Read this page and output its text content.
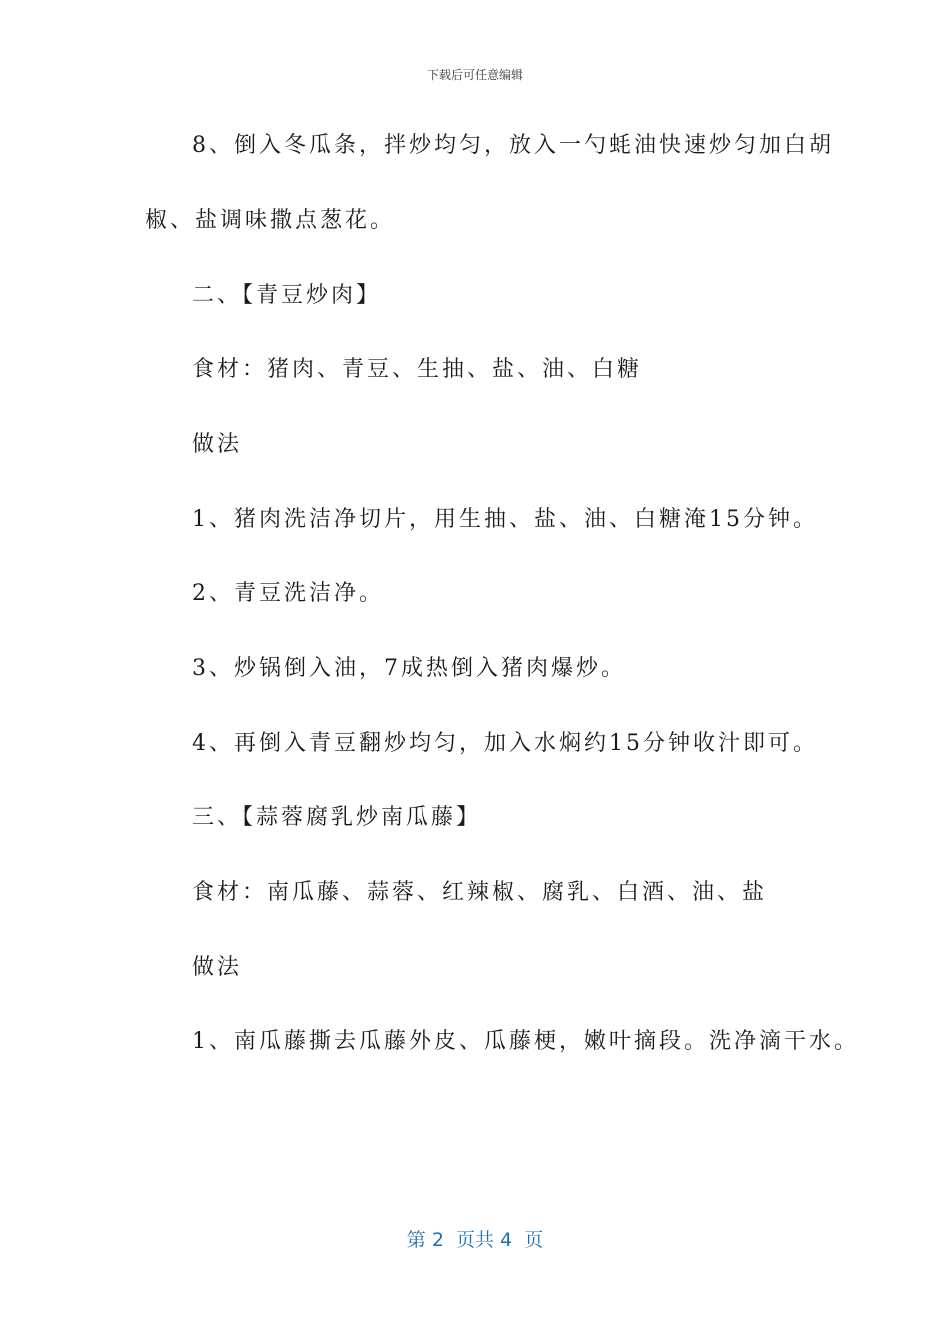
下载后可任意编辑
8、倒入冬瓜条，拌炒均匀，放入一勺蚝油快速炒匀加白胡
椒、盐调味撒点葱花。
二、【青豆炒肉】
食材：猪肉、青豆、生抽、盐、油、白糖
做法
1、猪肉洗洁净切片，用生抽、盐、油、白糖淹15分钟。
2、青豆洗洁净。
3、炒锅倒入油，7成热倒入猪肉爆炒。
4、再倒入青豆翻炒均匀，加入水焖约15分钟收汁即可。
三、【蒜蓉腐乳炒南瓜藤】
食材：南瓜藤、蒜蓉、红辣椒、腐乳、白酒、油、盐
做法
1、南瓜藤撕去瓜藤外皮、瓜藤梗，嫩叶摘段。洗净滴干水。
第 2  页共 4  页
